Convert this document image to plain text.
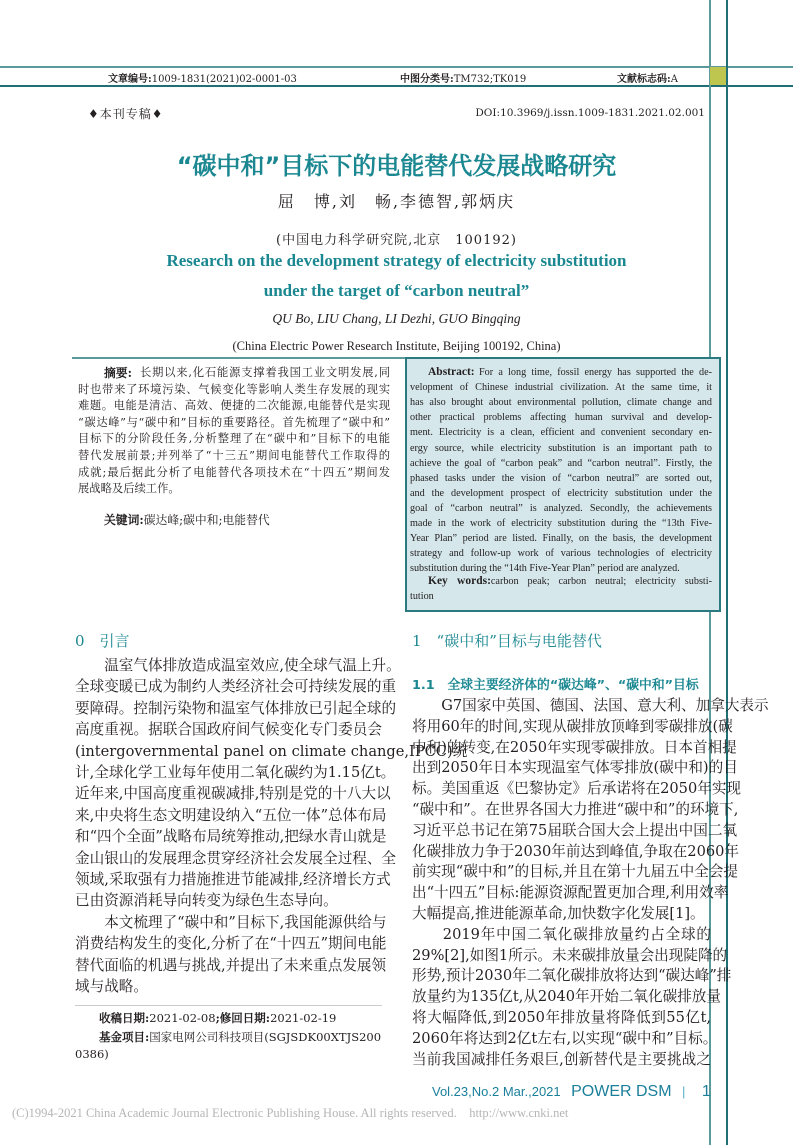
文章编号:1009-1831(2021)02-0001-03	中图分类号:TM732;TK019	文献标志码:A
♦本刊专稿♦	DOI:10.3969/j.issn.1009-1831.2021.02.001
“碳中和”目标下的电能替代发展战略研究
屈　博,刘　畅,李德智,郭炳庆
(中国电力科学研究院,北京　100192)
Research on the development strategy of electricity substitution
under the target of “carbon neutral”
QU Bo, LIU Chang, LI Dezhi, GUO Bingqing
(China Electric Power Research Institute, Beijing 100192, China)
摘要: 长期以来,化石能源支撑着我国工业文明发展,同
时也带来了环境污染、气候变化等影响人类生存发展的现实
难题。电能是清洁、高效、便捷的二次能源,电能替代是实现
“碳达峰”与“碳中和”目标的重要路径。首先梳理了“碳中和”
目标下的分阶段任务,分析整理了在“碳中和”目标下的电能
替代发展前景;并列举了“十三五”期间电能替代工作取得的
成就;最后据此分析了电能替代各项技术在“十四五”期间发
展战略及后续工作。
关键词:碳达峰;碳中和;电能替代
Abstract: For a long time, fossil energy has supported the de-
velopment of Chinese industrial civilization. At the same time, it
has also brought about environmental pollution, climate change and
other practical problems affecting human survival and develop-
ment. Electricity is a clean, efficient and convenient secondary en-
ergy source, while electricity substitution is an important path to
achieve the goal of “carbon peak” and “carbon neutral”. Firstly, the
phased tasks under the vision of “carbon neutral” are sorted out,
and the development prospect of electricity substitution under the
goal of “carbon neutral” is analyzed. Secondly, the achievements
made in the work of electricity substitution during the “13th Five-
Year Plan” period are listed. Finally, on the basis, the development
strategy and follow-up work of various technologies of electricity
substitution during the “14th Five-Year Plan” period are analyzed.
Key words:carbon peak; carbon neutral; electricity substi-
tution
0　引言	1　“碳中和”目标与电能替代
1.1　全球主要经济体的“碳达峰”、“碳中和”目标
　　温室气体排放造成温室效应,使全球气温上升。
全球变暖已成为制约人类经济社会可持续发展的重
要障碍。控制污染物和温室气体排放已引起全球的
高度重视。据联合国政府间气候变化专门委员会
(intergovernmental panel on climate change,IPCC)统
计,全球化学工业每年使用二氧化碳约为1.15亿t。
近年来,中国高度重视碳减排,特别是党的十八大以
来,中央将生态文明建设纳入“五位一体”总体布局
和“四个全面”战略布局统筹推动,把绿水青山就是
金山银山的发展理念贯穿经济社会发展全过程、全
领域,采取强有力措施推进节能减排,经济增长方式
已由资源消耗导向转变为绿色生态导向。
　　本文梳理了“碳中和”目标下,我国能源供给与
消费结构发生的变化,分析了在“十四五”期间电能
替代面临的机遇与挑战,并提出了未来重点发展领
域与战略。
　　G7国家中英国、德国、法国、意大利、加拿大表示
将用60年的时间,实现从碳排放顶峰到零碳排放(碳
中和)的转变,在2050年实现零碳排放。日本首相提
出到2050年日本实现温室气体零排放(碳中和)的目
标。美国重返《巴黎协定》后承诺将在2050年实现
“碳中和”。在世界各国大力推进“碳中和”的环境下,
习近平总书记在第75届联合国大会上提出中国二氧
化碳排放力争于2030年前达到峰值,争取在2060年
前实现“碳中和”的目标,并且在第十九届五中全会提
出“十四五”目标:能源资源配置更加合理,利用效率
大幅提高,推进能源革命,加快数字化发展[1]。
　　2019年中国二氧化碳排放量约占全球的
29%[2],如图1所示。未来碳排放量会出现陡降的
形势,预计2030年二氧化碳排放将达到“碳达峰”排
放量约为135亿t,从2040年开始二氧化碳排放量
将大幅降低,到2050年排放量将降低到55亿t,
2060年将达到2亿t左右,以实现“碳中和”目标。
当前我国减排任务艰巨,创新替代是主要挑战之
收稿日期:2021-02-08;修回日期:2021-02-19
基金项目:国家电网公司科技项目(SGJSDK00XTJS200
0386)
Vol.23,No.2 Mar.,2021 POWER DSM | 1
(C)1994-2021 China Academic Journal Electronic Publishing House. All rights reserved.    http://www.cnki.net
